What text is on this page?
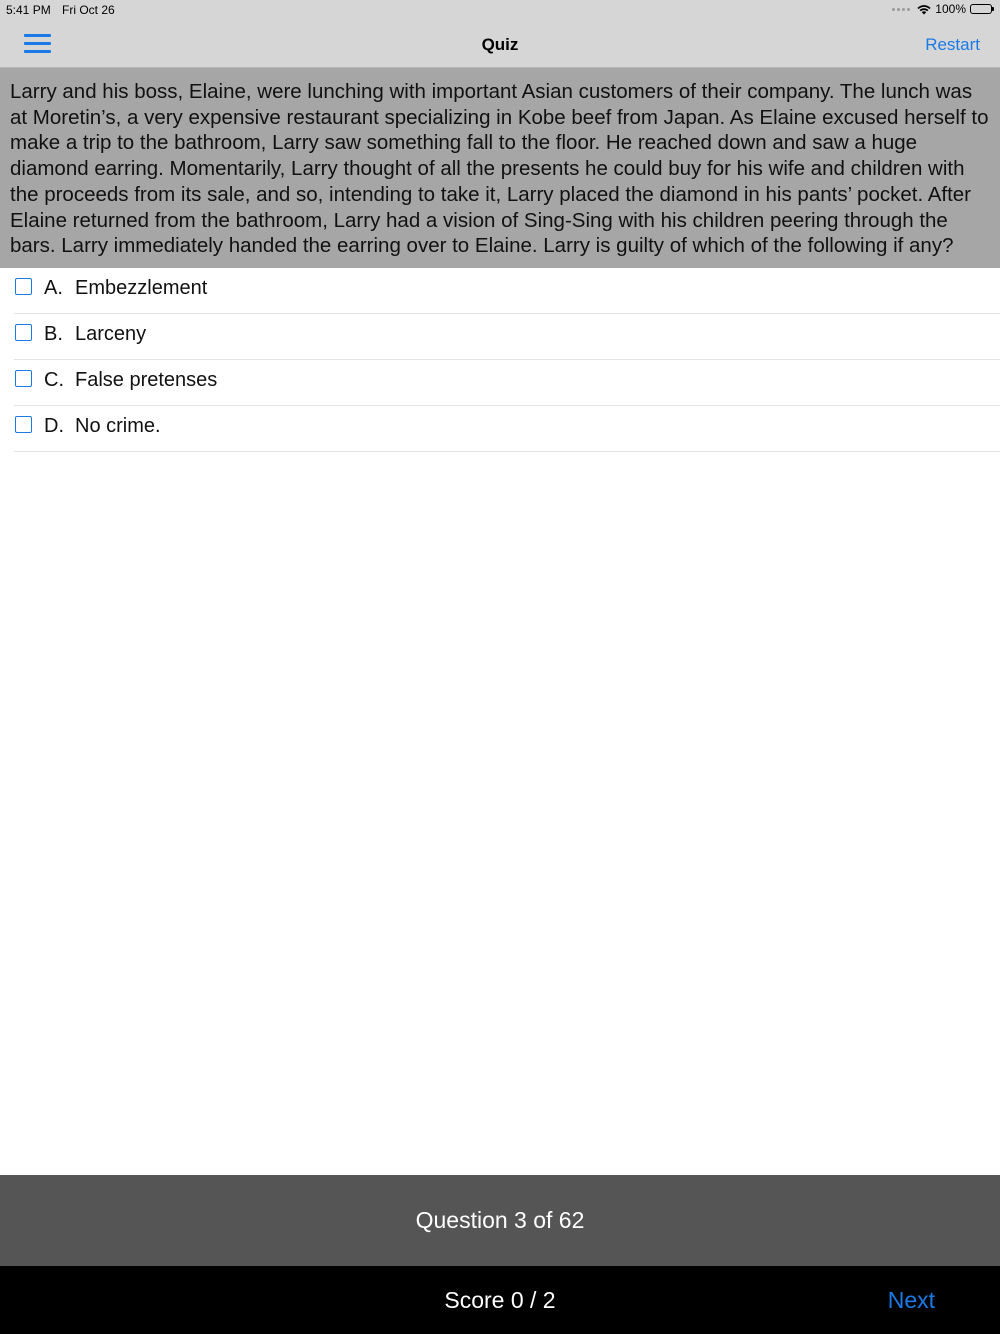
5:41 PM Fri Oct 26	100%
Quiz	Restart
Larry and his boss, Elaine, were lunching with important Asian customers of their company. The lunch was at Moretin’s, a very expensive restaurant specializing in Kobe beef from Japan. As Elaine excused herself to make a trip to the bathroom, Larry saw something fall to the floor. He reached down and saw a huge diamond earring. Momentarily, Larry thought of all the presents he could buy for his wife and children with the proceeds from its sale, and so, intending to take it, Larry placed the diamond in his pants’ pocket. After Elaine returned from the bathroom, Larry had a vision of Sing-Sing with his children peering through the bars. Larry immediately handed the earring over to Elaine. Larry is guilty of which of the following if any?
A. Embezzlement
B. Larceny
C. False pretenses
D. No crime.
Question 3 of 62
Score 0 / 2	Next
